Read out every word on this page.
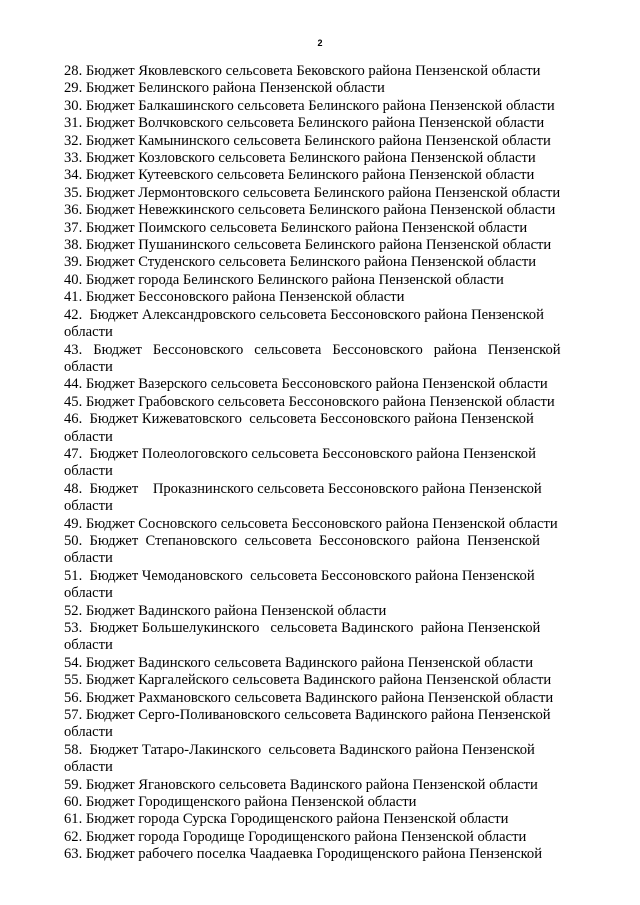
2
28. Бюджет Яковлевского сельсовета Бековского района Пензенской области
29. Бюджет Белинского района Пензенской области
30. Бюджет Балкашинского сельсовета Белинского района Пензенской области
31. Бюджет Волчковского сельсовета Белинского района Пензенской области
32. Бюджет Камынинского сельсовета Белинского района Пензенской области
33. Бюджет Козловского сельсовета Белинского района Пензенской области
34. Бюджет Кутеевского сельсовета Белинского района Пензенской области
35. Бюджет Лермонтовского сельсовета Белинского района Пензенской области
36. Бюджет Невежкинского сельсовета Белинского района Пензенской области
37. Бюджет Поимского сельсовета Белинского района Пензенской области
38. Бюджет Пушанинского сельсовета Белинского района Пензенской области
39. Бюджет Студенского сельсовета Белинского района Пензенской области
40. Бюджет города Белинского Белинского района Пензенской области
41. Бюджет Бессоновского района Пензенской области
42.  Бюджет Александровского сельсовета Бессоновского района Пензенской
области
43.   Бюджет   Бессоновского   сельсовета   Бессоновского   района   Пензенской
области
44. Бюджет Вазерского сельсовета Бессоновского района Пензенской области
45. Бюджет Грабовского сельсовета Бессоновского района Пензенской области
46.  Бюджет Кижеватовского  сельсовета Бессоновского района Пензенской
области
47.  Бюджет Полеологовского сельсовета Бессоновского района Пензенской
области
48.  Бюджет    Проказнинского сельсовета Бессоновского района Пензенской
области
49. Бюджет Сосновского сельсовета Бессоновского района Пензенской области
50.  Бюджет  Степановского  сельсовета  Бессоновского  района  Пензенской
области
51.  Бюджет Чемодановского  сельсовета Бессоновского района Пензенской
области
52. Бюджет Вадинского района Пензенской области
53.  Бюджет Большелукинского   сельсовета Вадинского  района Пензенской
области
54. Бюджет Вадинского сельсовета Вадинского района Пензенской области
55. Бюджет Каргалейского сельсовета Вадинского района Пензенской области
56. Бюджет Рахмановского сельсовета Вадинского района Пензенской области
57. Бюджет Серго-Поливановского сельсовета Вадинского района Пензенской
области
58.  Бюджет Татаро-Лакинского  сельсовета Вадинского района Пензенской
области
59. Бюджет Ягановского сельсовета Вадинского района Пензенской области
60. Бюджет Городищенского района Пензенской области
61. Бюджет города Сурска Городищенского района Пензенской области
62. Бюджет города Городище Городищенского района Пензенской области
63. Бюджет рабочего поселка Чаадаевка Городищенского района Пензенской
